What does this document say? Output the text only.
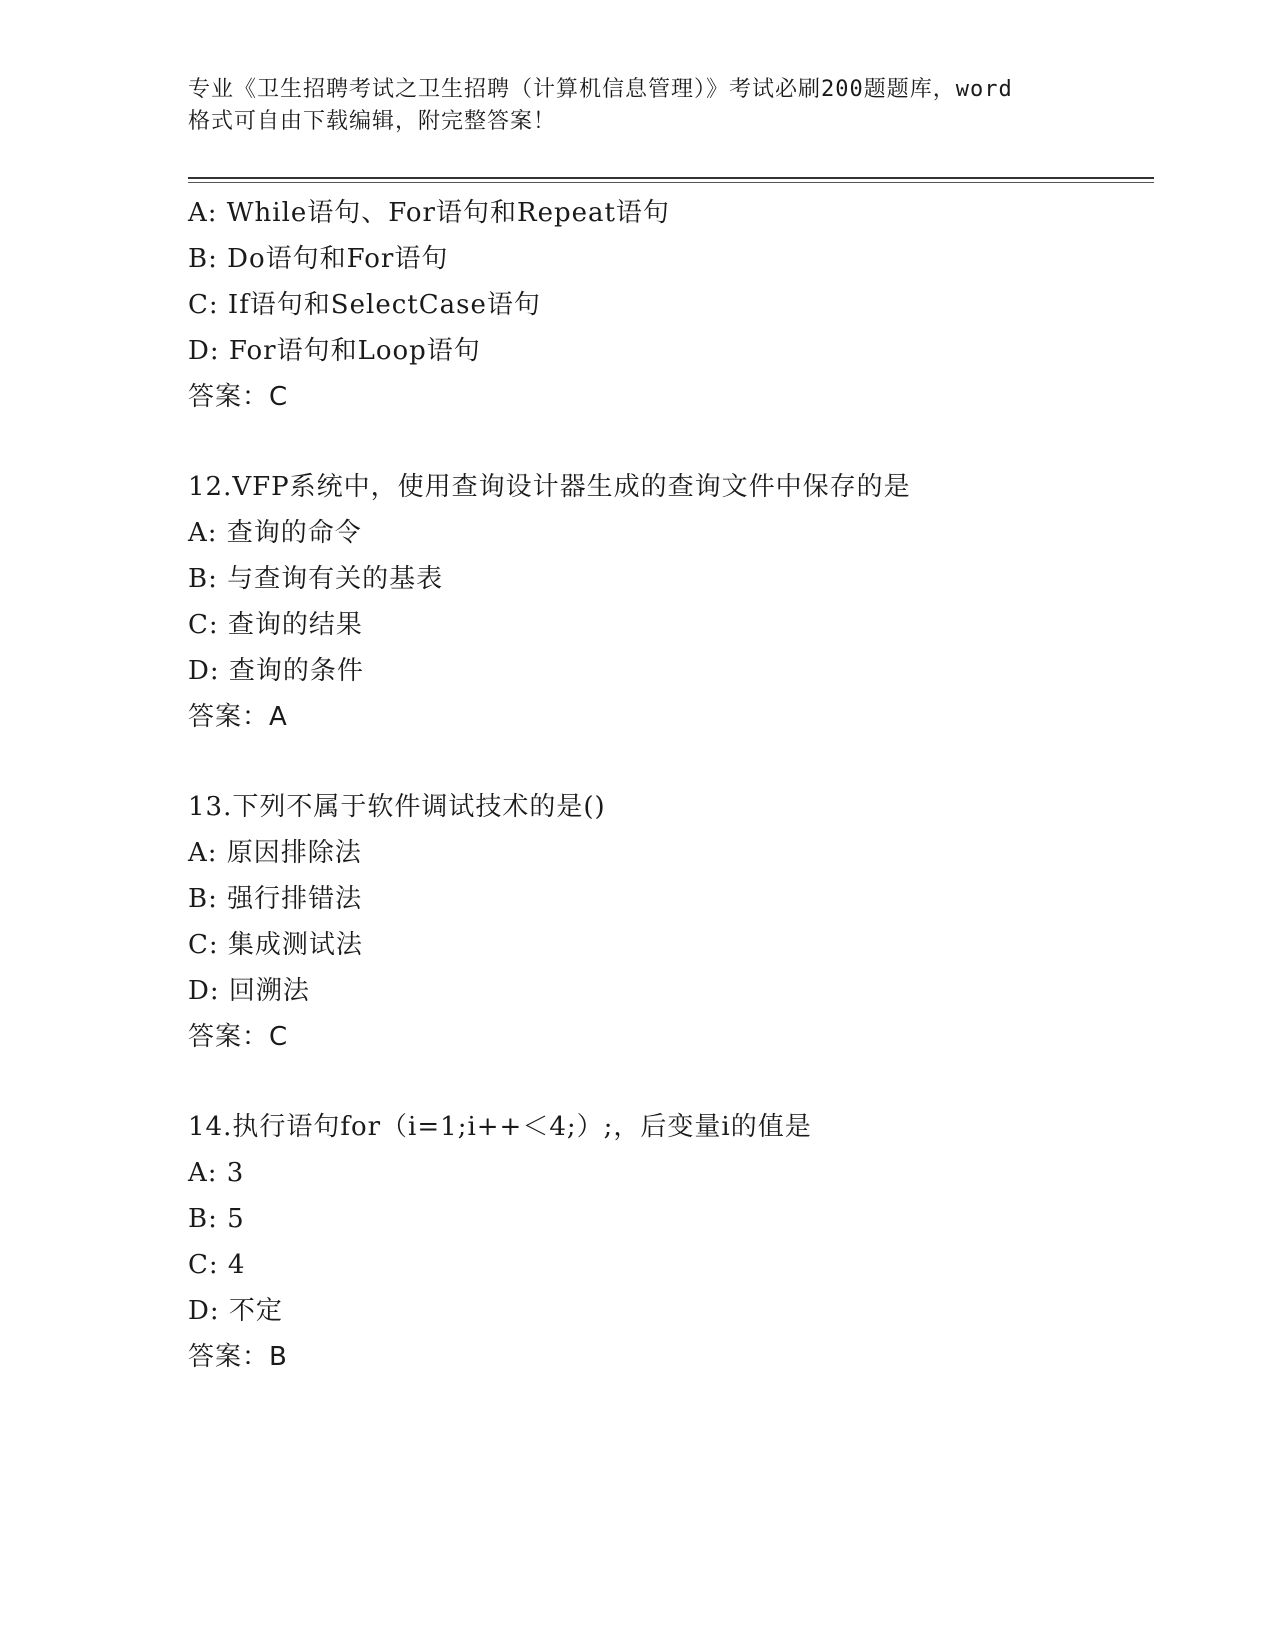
专业《卫生招聘考试之卫生招聘（计算机信息管理）》考试必刷200题题库，word
格式可自由下载编辑，附完整答案！
A: While语句、For语句和Repeat语句
B: Do语句和For语句
C: If语句和SelectCase语句
D: For语句和Loop语句
答案：C
12.VFP系统中，使用查询设计器生成的查询文件中保存的是
A: 查询的命令
B: 与查询有关的基表
C: 查询的结果
D: 查询的条件
答案：A
13.下列不属于软件调试技术的是()
A: 原因排除法
B: 强行排错法
C: 集成测试法
D: 回溯法
答案：C
14.执行语句for（i=1;i++＜4;）;，后变量i的值是
A: 3
B: 5
C: 4
D: 不定
答案：B
